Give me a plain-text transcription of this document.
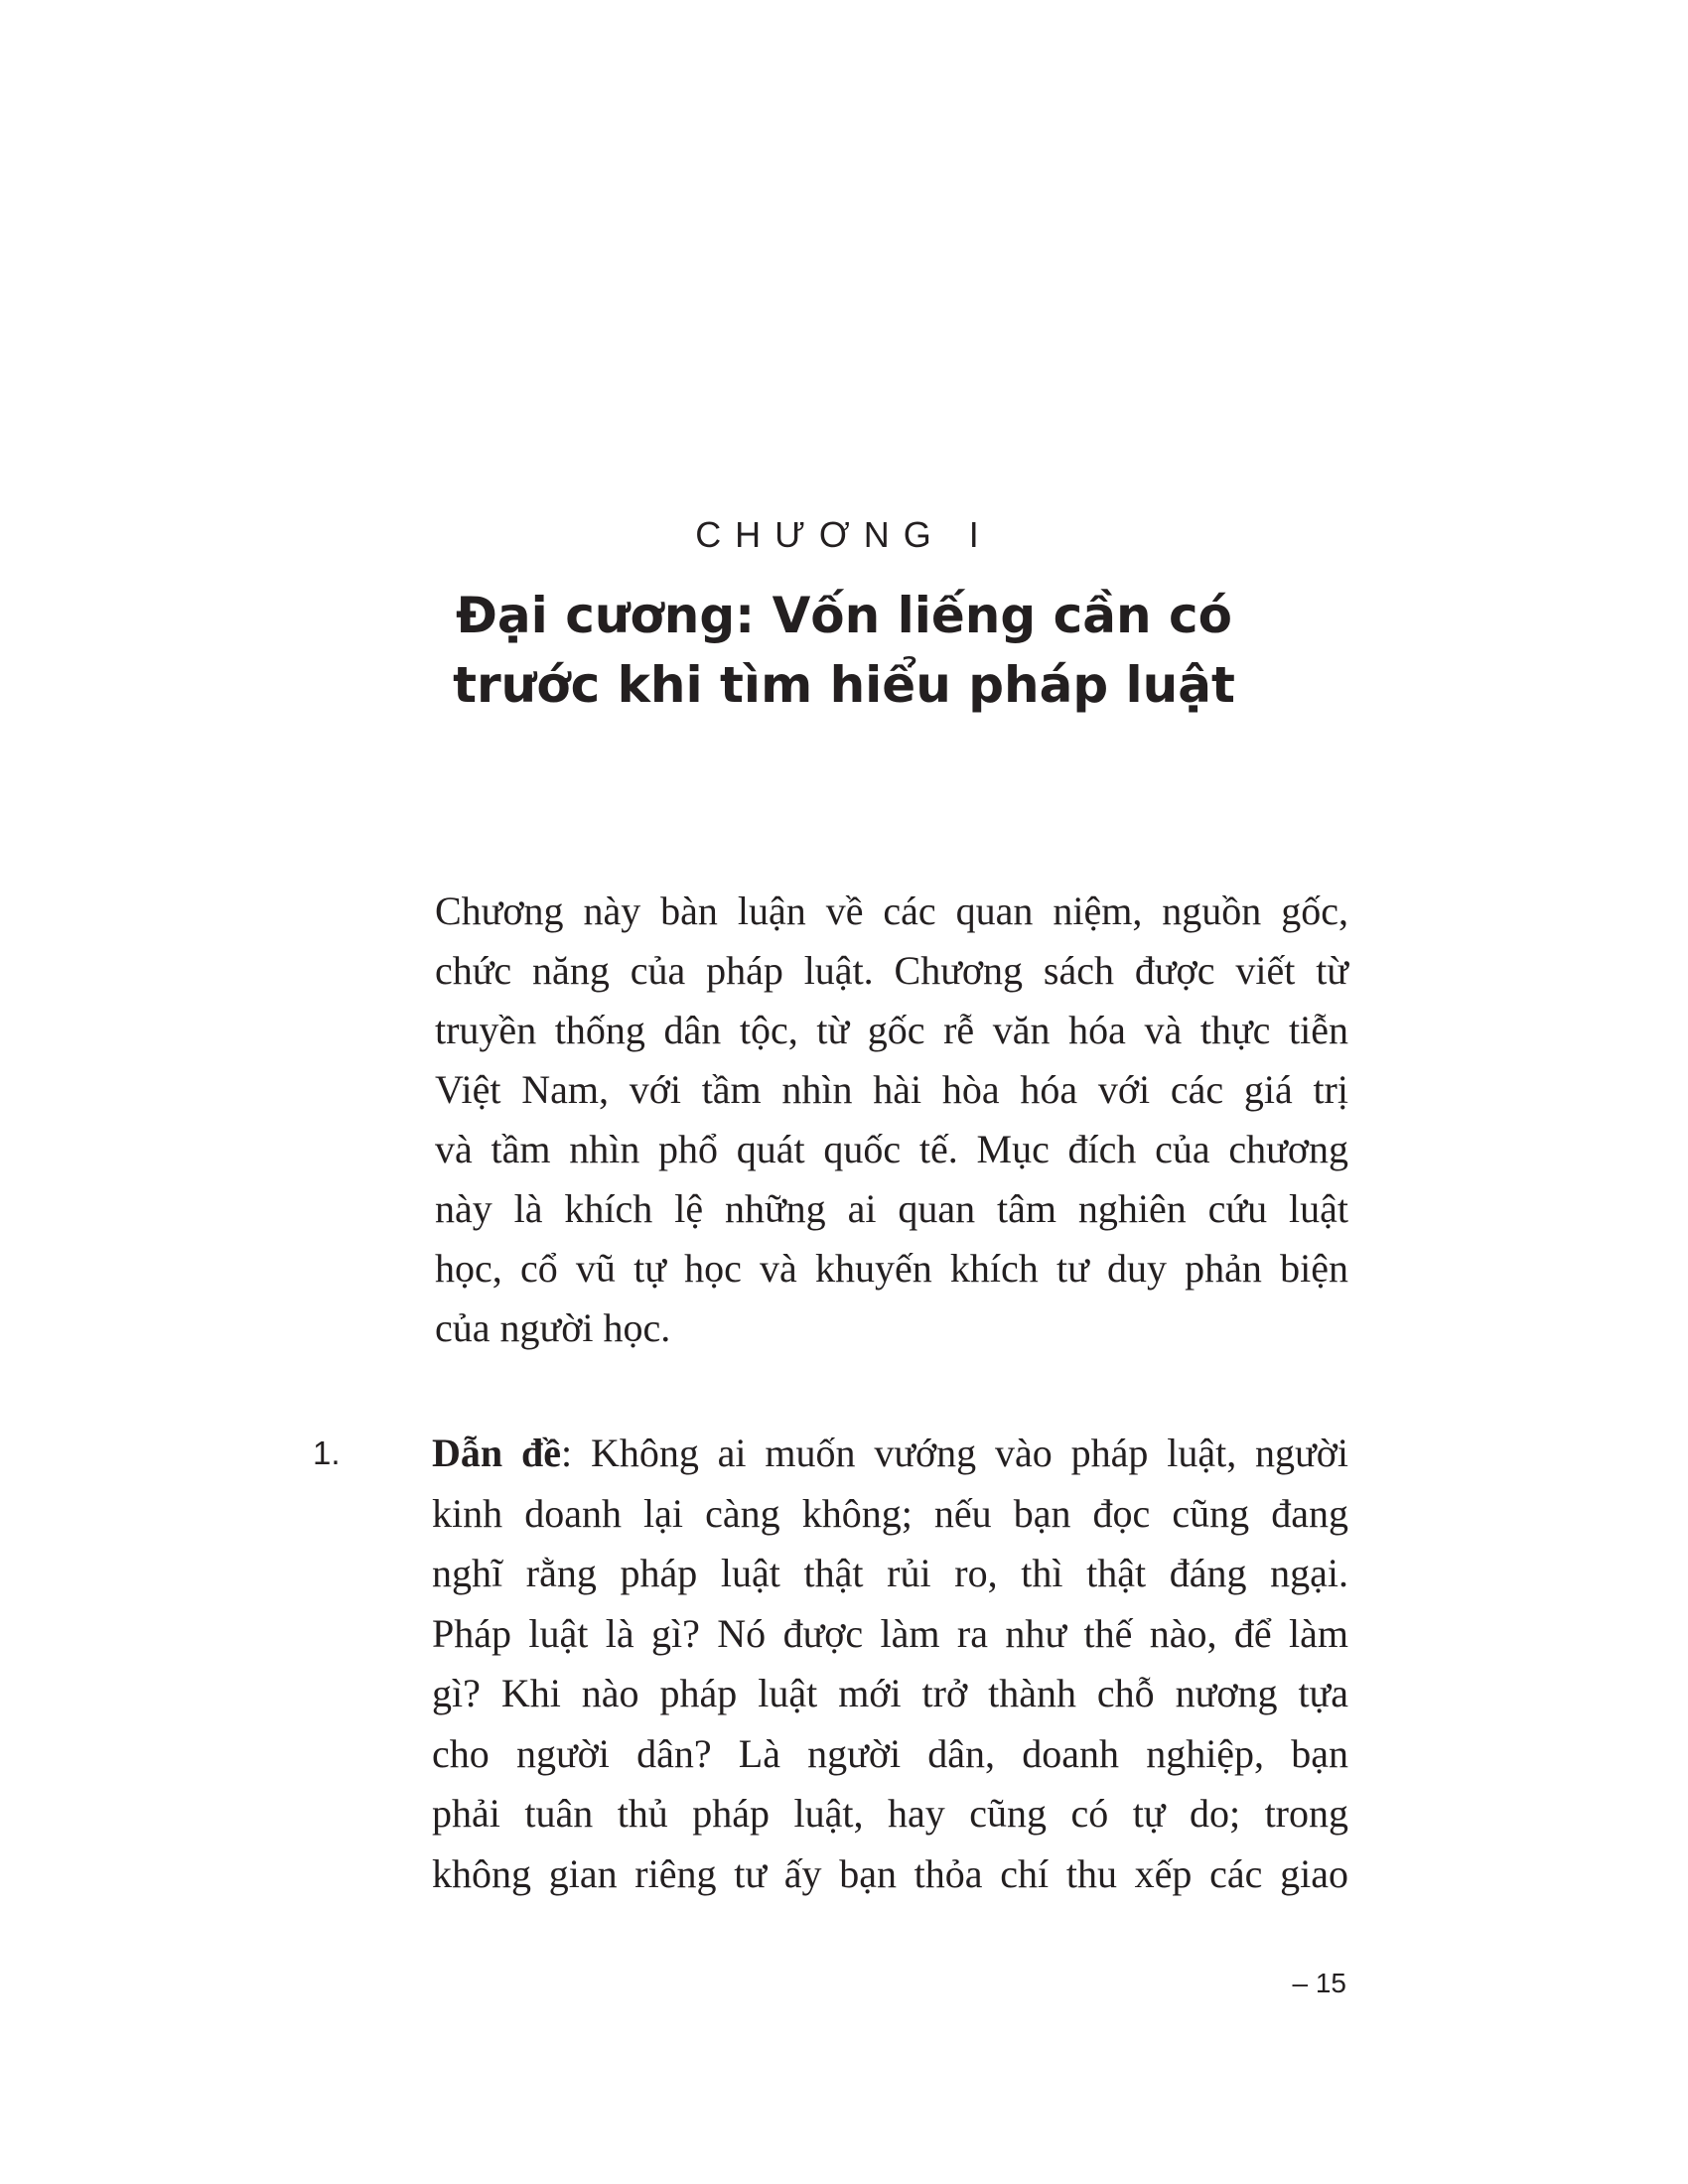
CHƯƠNG I
Đại cương: Vốn liếng cần có
trước khi tìm hiểu pháp luật
Chương này bàn luận về các quan niệm, nguồn gốc,
chức năng của pháp luật. Chương sách được viết từ
truyền thống dân tộc, từ gốc rễ văn hóa và thực tiễn
Việt Nam, với tầm nhìn hài hòa hóa với các giá trị
và tầm nhìn phổ quát quốc tế. Mục đích của chương
này là khích lệ những ai quan tâm nghiên cứu luật
học, cổ vũ tự học và khuyến khích tư duy phản biện
của người học.
1. Dẫn đề: Không ai muốn vướng vào pháp luật, người
kinh doanh lại càng không; nếu bạn đọc cũng đang
nghĩ rằng pháp luật thật rủi ro, thì thật đáng ngại.
Pháp luật là gì? Nó được làm ra như thế nào, để làm
gì? Khi nào pháp luật mới trở thành chỗ nương tựa
cho người dân? Là người dân, doanh nghiệp, bạn
phải tuân thủ pháp luật, hay cũng có tự do; trong
không gian riêng tư ấy bạn thỏa chí thu xếp các giao
– 15
